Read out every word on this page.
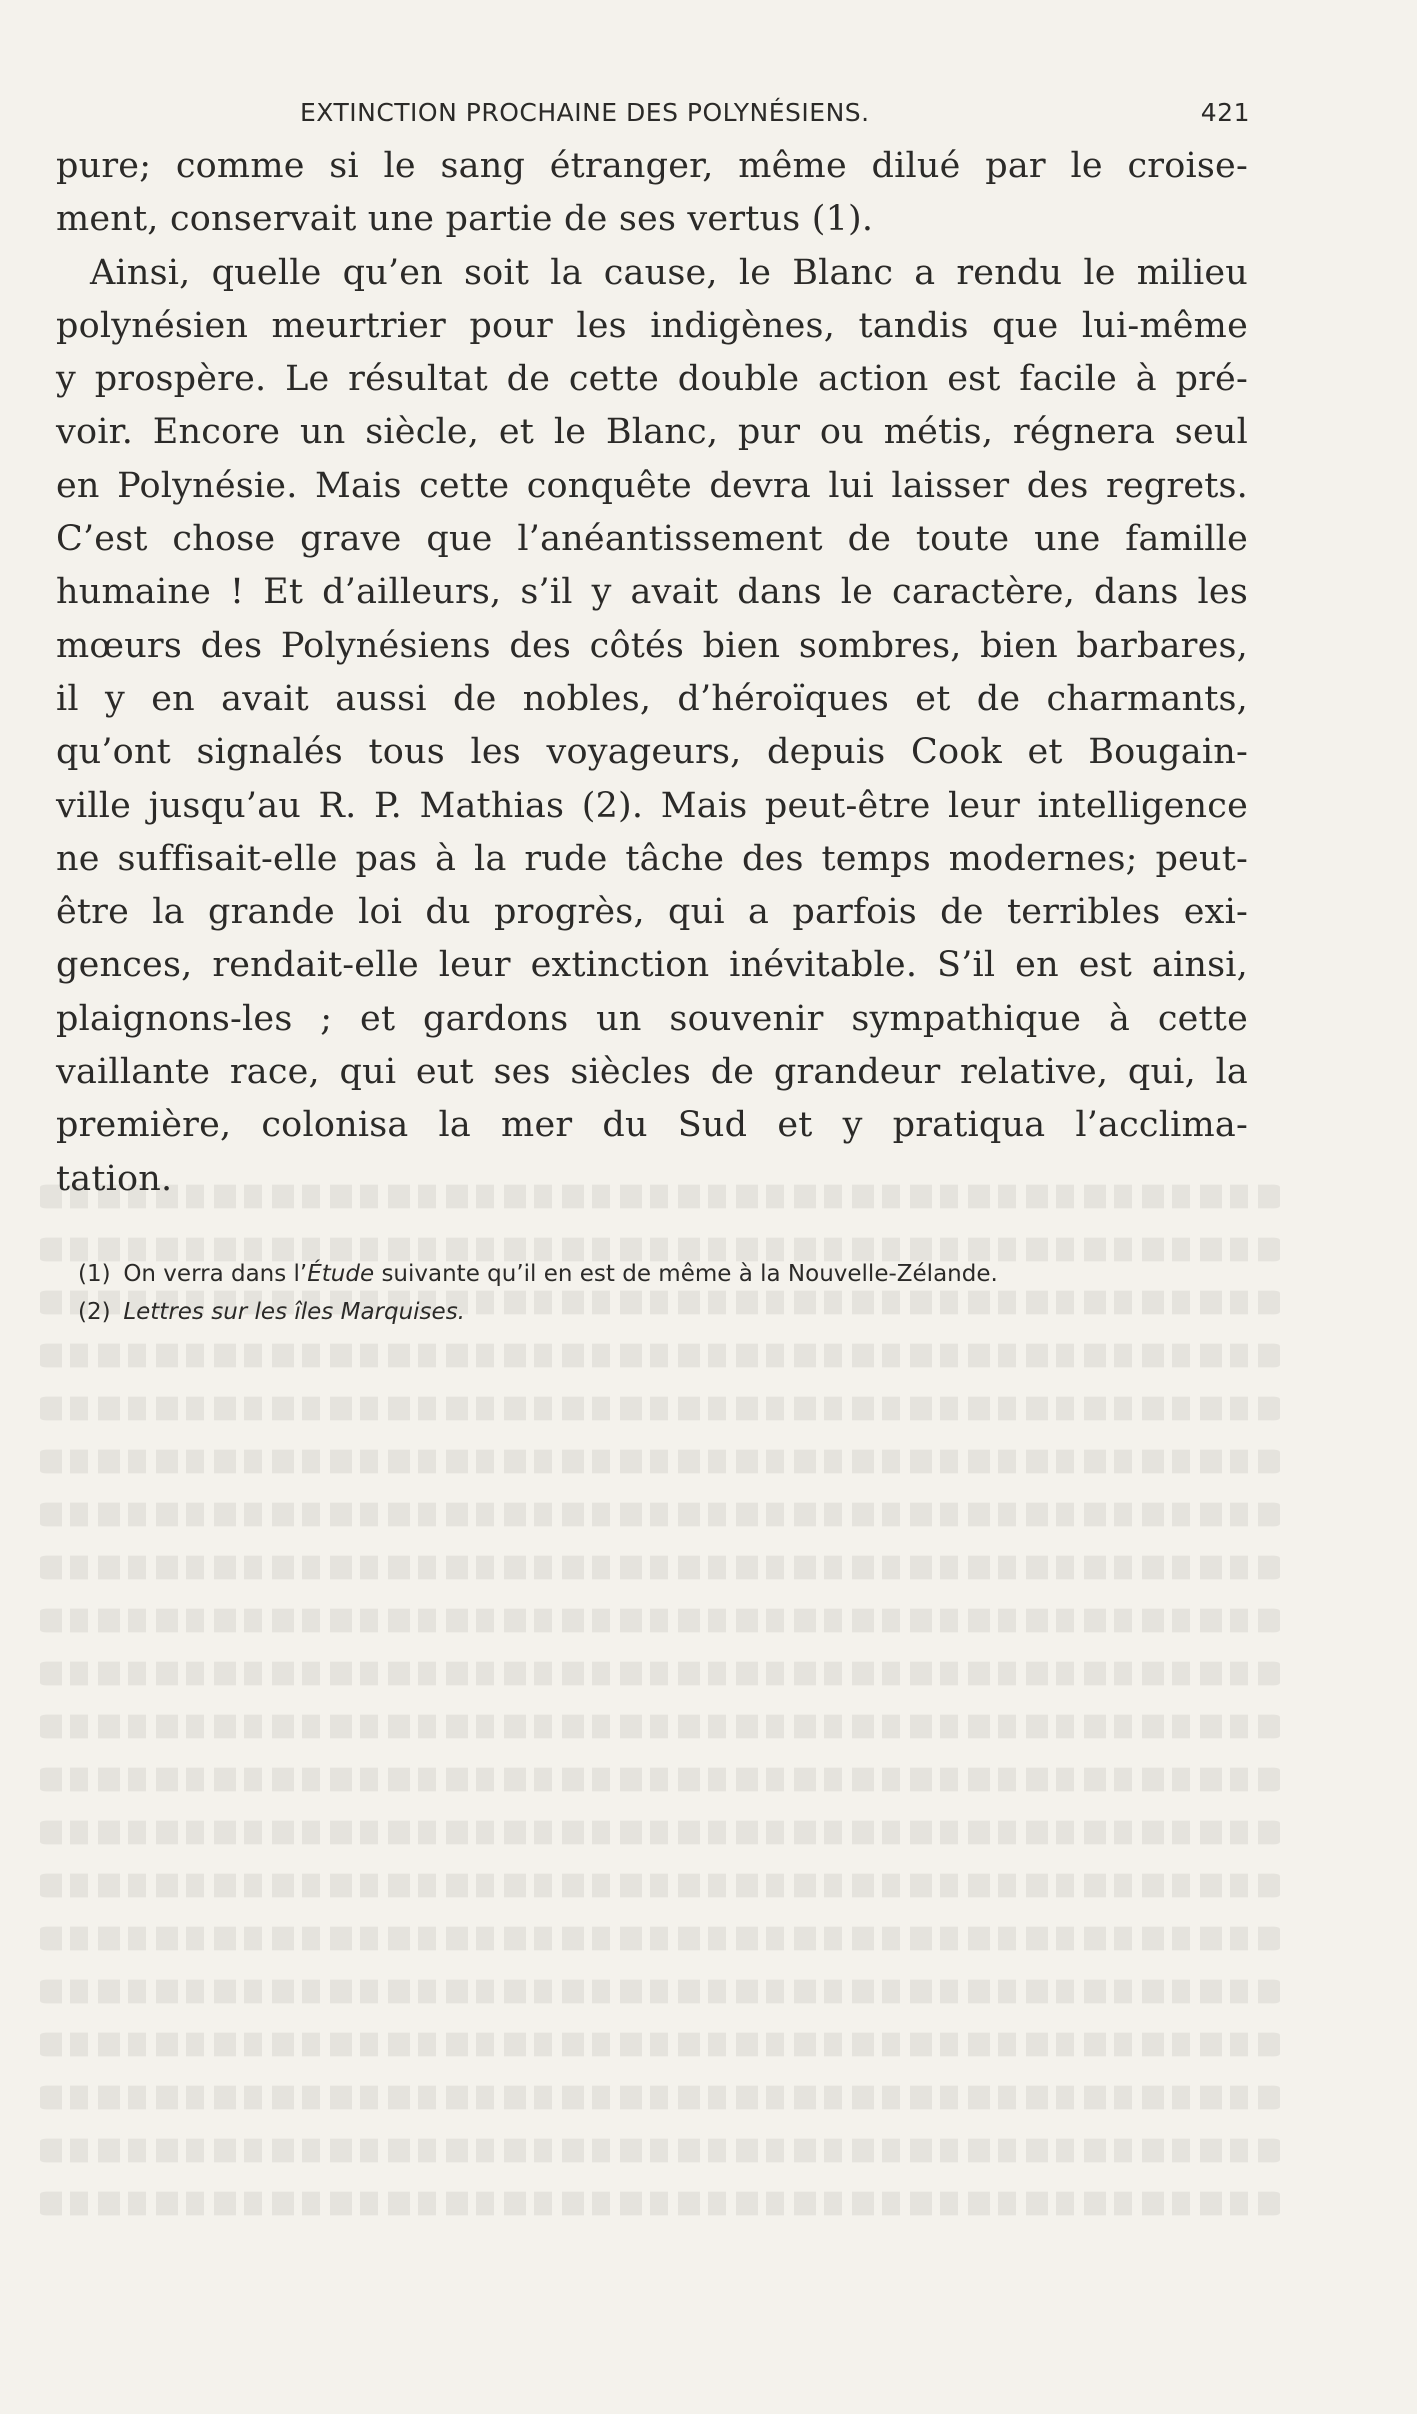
EXTINCTION PROCHAINE DES POLYNÉSIENS.	421
pure; comme si le sang étranger, même dilué par le croise-
ment, conservait une partie de ses vertus (1).
Ainsi, quelle qu’en soit la cause, le Blanc a rendu le milieu
polynésien meurtrier pour les indigènes, tandis que lui-même
y prospère. Le résultat de cette double action est facile à pré-
voir. Encore un siècle, et le Blanc, pur ou métis, régnera seul
en Polynésie. Mais cette conquête devra lui laisser des regrets.
C’est chose grave que l’anéantissement de toute une famille
humaine ! Et d’ailleurs, s’il y avait dans le caractère, dans les
mœurs des Polynésiens des côtés bien sombres, bien barbares,
il y en avait aussi de nobles, d’héroïques et de charmants,
qu’ont signalés tous les voyageurs, depuis Cook et Bougain-
ville jusqu’au R. P. Mathias (2). Mais peut-être leur intelligence
ne suffisait-elle pas à la rude tâche des temps modernes; peut-
être la grande loi du progrès, qui a parfois de terribles exi-
gences, rendait-elle leur extinction inévitable. S’il en est ainsi,
plaignons-les ; et gardons un souvenir sympathique à cette
vaillante race, qui eut ses siècles de grandeur relative, qui, la
première, colonisa la mer du Sud et y pratiqua l’acclima-
tation.
(1) On verra dans l’Étude suivante qu’il en est de même à la Nouvelle-Zélande.
(2) Lettres sur les îles Marquises.
